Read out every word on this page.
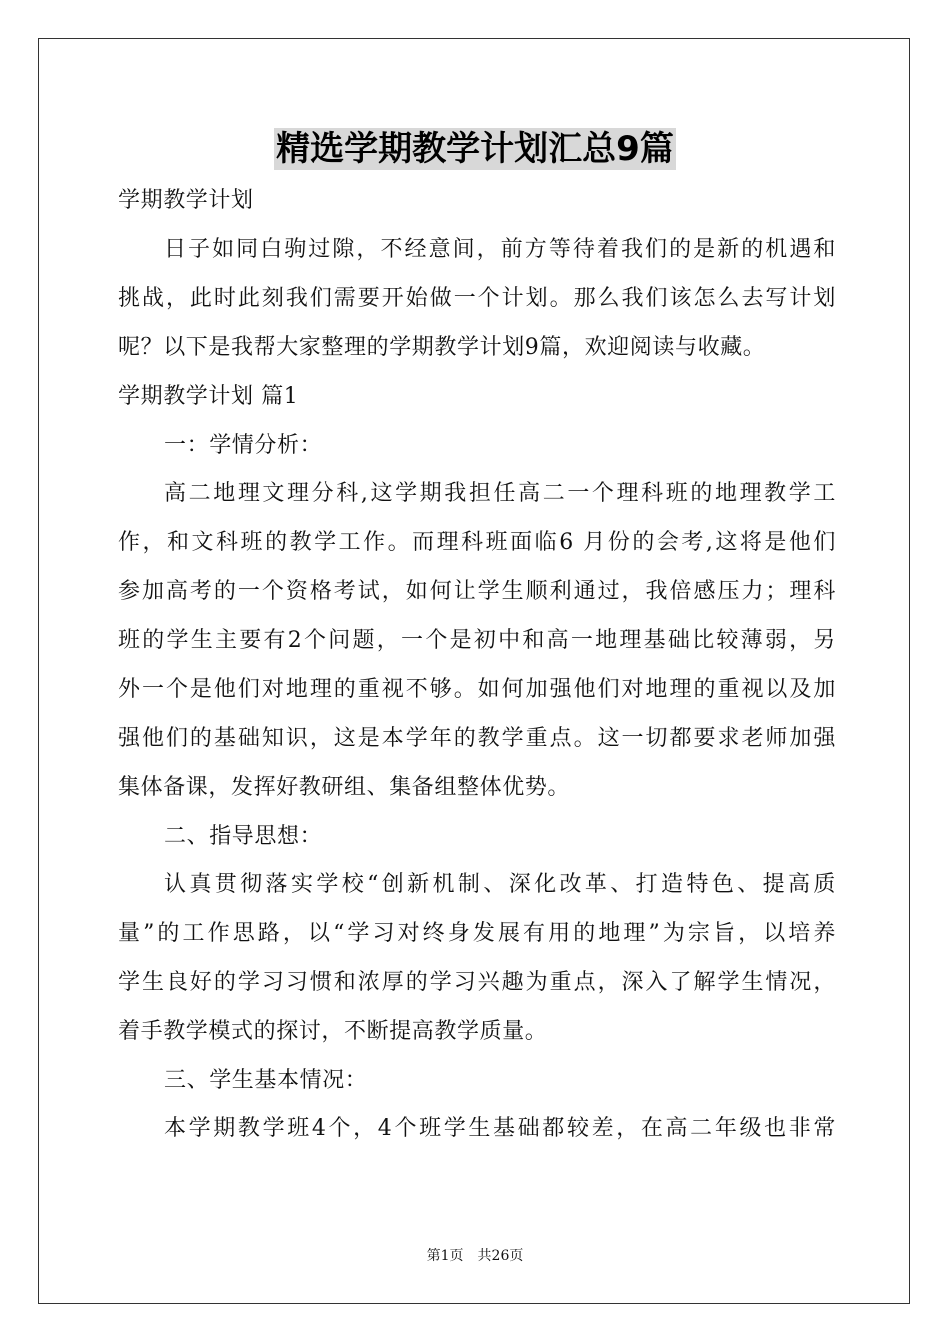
精选学期教学计划汇总9篇
学期教学计划
日子如同白驹过隙，不经意间，前方等待着我们的是新的机遇和
挑战，此时此刻我们需要开始做一个计划。那么我们该怎么去写计划
呢？以下是我帮大家整理的学期教学计划9篇，欢迎阅读与收藏。
学期教学计划 篇1
一：学情分析：
高二地理文理分科,这学期我担任高二一个理科班的地理教学工
作，和文科班的教学工作。而理科班面临6 月份的会考,这将是他们
参加高考的一个资格考试，如何让学生顺利通过，我倍感压力；理科
班的学生主要有2个问题，一个是初中和高一地理基础比较薄弱，另
外一个是他们对地理的重视不够。如何加强他们对地理的重视以及加
强他们的基础知识，这是本学年的教学重点。这一切都要求老师加强
集体备课，发挥好教研组、集备组整体优势。
二、指导思想：
认真贯彻落实学校“创新机制、深化改革、打造特色、提高质
量”的工作思路，以“学习对终身发展有用的地理”为宗旨，以培养
学生良好的学习习惯和浓厚的学习兴趣为重点，深入了解学生情况，
着手教学模式的探讨，不断提高教学质量。
三、学生基本情况：
本学期教学班4个，4个班学生基础都较差，在高二年级也非常
第1页 共26页
